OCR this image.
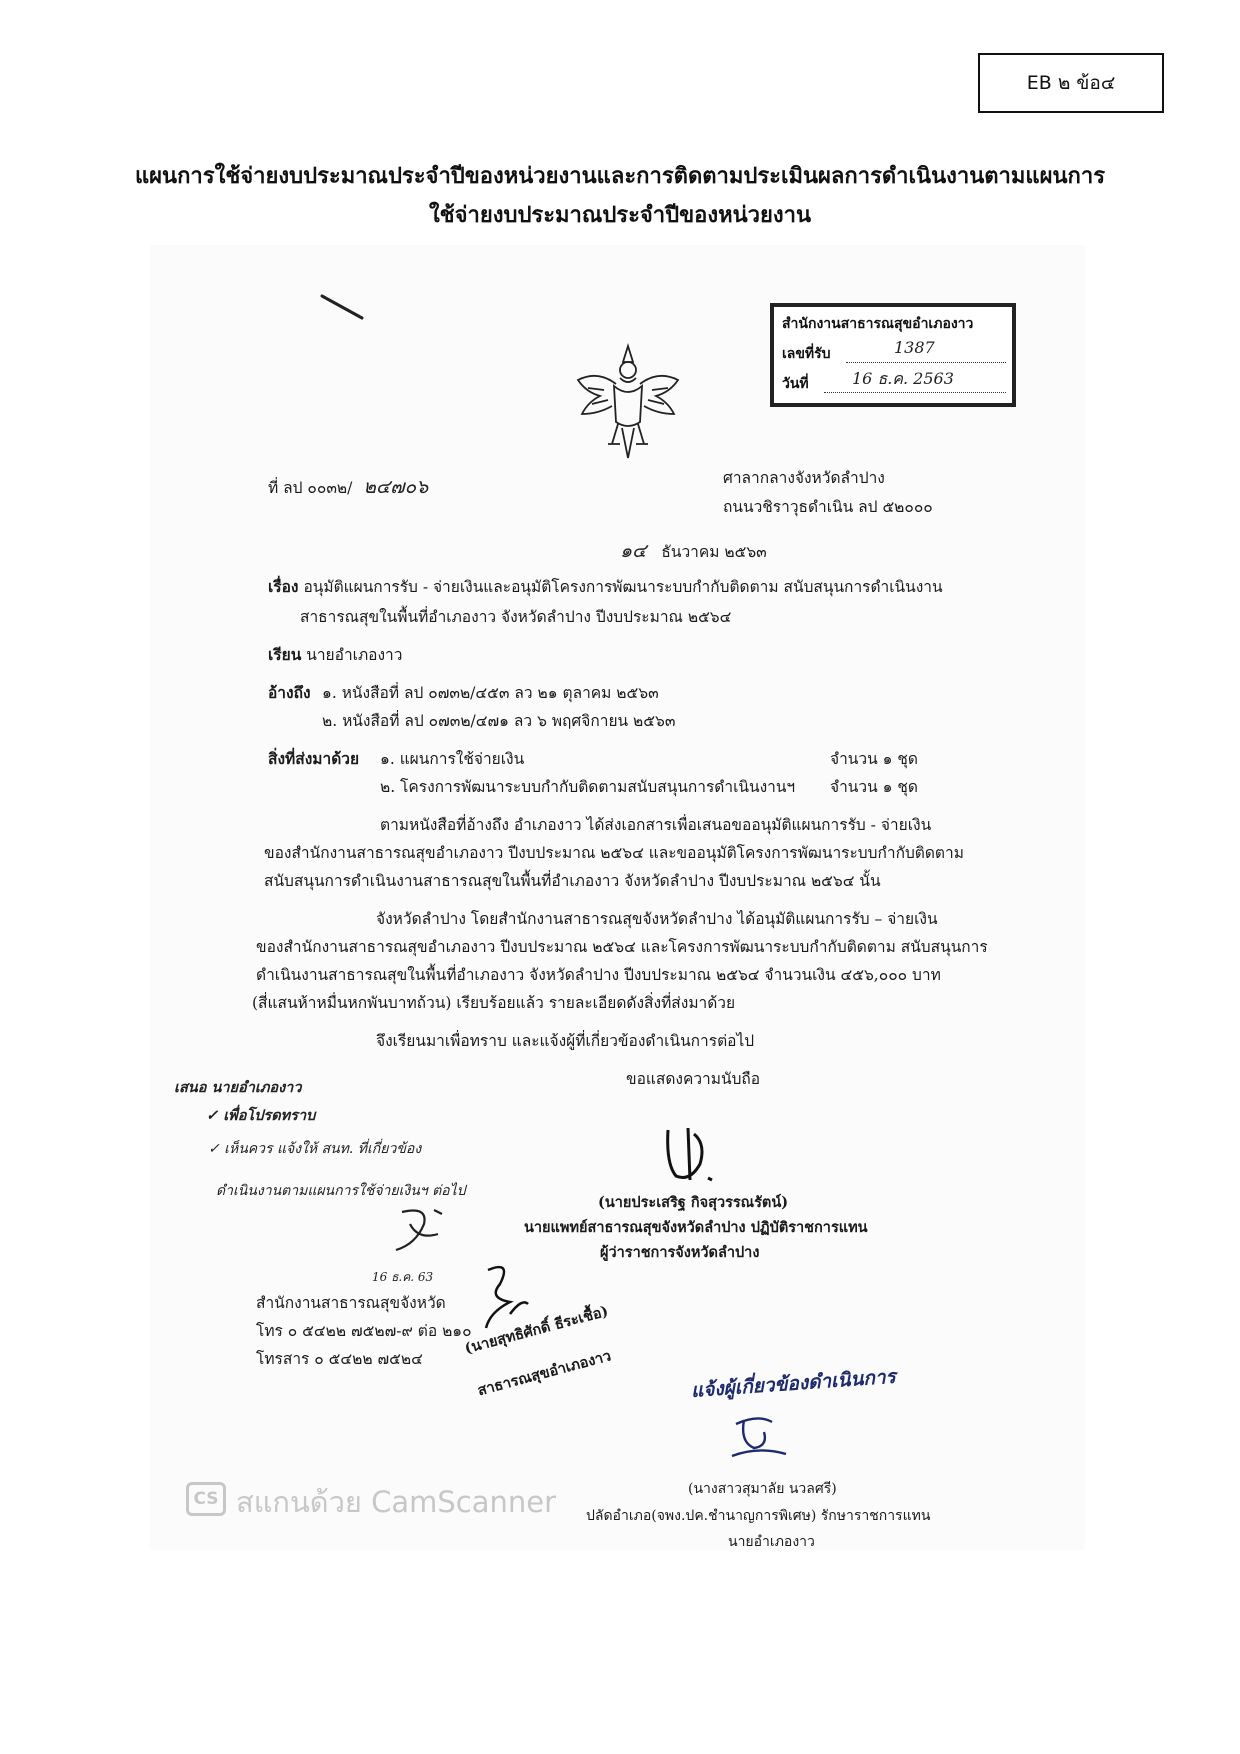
EB ๒ ข้อ๔
แผนการใช้จ่ายงบประมาณประจำปีของหน่วยงานและการติดตามประเมินผลการดำเนินงานตามแผนการ
ใช้จ่ายงบประมาณประจำปีของหน่วยงาน
สำนักงานสาธารณสุขอำเภองาว
เลขที่รับ	1387
วันที่	16 ธ.ค. 2563
ที่ ลป ๐๐๓๒/ ๒๔๗๐๖	ศาลากลางจังหวัดลำปาง
ถนนวชิราวุธดำเนิน ลป ๕๒๐๐๐
๑๔ ธันวาคม ๒๕๖๓
เรื่อง อนุมัติแผนการรับ - จ่ายเงินและอนุมัติโครงการพัฒนาระบบกำกับติดตาม สนับสนุนการดำเนินงาน
สาธารณสุขในพื้นที่อำเภองาว จังหวัดลำปาง ปีงบประมาณ ๒๕๖๔
เรียน นายอำเภองาว
อ้างถึง ๑. หนังสือที่ ลป ๐๗๓๒/๔๕๓ ลว ๒๑ ตุลาคม ๒๕๖๓
๒. หนังสือที่ ลป ๐๗๓๒/๔๗๑ ลว ๖ พฤศจิกายน ๒๕๖๓
สิ่งที่ส่งมาด้วย ๑. แผนการใช้จ่ายเงิน	จำนวน ๑ ชุด
๒. โครงการพัฒนาระบบกำกับติดตามสนับสนุนการดำเนินงานฯ จำนวน ๑ ชุด
ตามหนังสือที่อ้างถึง อำเภองาว ได้ส่งเอกสารเพื่อเสนอขออนุมัติแผนการรับ - จ่ายเงิน
ของสำนักงานสาธารณสุขอำเภองาว ปีงบประมาณ ๒๕๖๔ และขออนุมัติโครงการพัฒนาระบบกำกับติดตาม
สนับสนุนการดำเนินงานสาธารณสุขในพื้นที่อำเภองาว จังหวัดลำปาง ปีงบประมาณ ๒๕๖๔ นั้น
จังหวัดลำปาง โดยสำนักงานสาธารณสุขจังหวัดลำปาง ได้อนุมัติแผนการรับ – จ่ายเงิน
ของสำนักงานสาธารณสุขอำเภองาว ปีงบประมาณ ๒๕๖๔ และโครงการพัฒนาระบบกำกับติดตาม สนับสนุนการ
ดำเนินงานสาธารณสุขในพื้นที่อำเภองาว จังหวัดลำปาง ปีงบประมาณ ๒๕๖๔ จำนวนเงิน ๔๕๖,๐๐๐ บาท
(สี่แสนห้าหมื่นหกพันบาทถ้วน) เรียบร้อยแล้ว รายละเอียดดังสิ่งที่ส่งมาด้วย
จึงเรียนมาเพื่อทราบ และแจ้งผู้ที่เกี่ยวข้องดำเนินการต่อไป
ขอแสดงความนับถือ
(นายประเสริฐ กิจสุวรรณรัตน์)
นายแพทย์สาธารณสุขจังหวัดลำปาง ปฏิบัติราชการแทน
ผู้ว่าราชการจังหวัดลำปาง
เสนอ นายอำเภองาว
✓ เพื่อโปรดทราบ
✓ เห็นควร แจ้งให้ สนท. ที่เกี่ยวข้อง
ดำเนินงานตามแผนการใช้จ่ายเงินฯ ต่อไป
16 ธ.ค. 63
สำนักงานสาธารณสุขจังหวัด
โทร ๐ ๕๔๒๒ ๗๕๒๗-๙ ต่อ ๒๑๐
โทรสาร ๐ ๕๔๒๒ ๗๕๒๔
(นายสุทธิศักดิ์ ธีระเชื้อ)
สาธารณสุขอำเภองาว	แจ้งผู้เกี่ยวข้องดำเนินการ
(นางสาวสุมาลัย นวลศรี)
ปลัดอำเภอ(จพง.ปค.ชำนาญการพิเศษ) รักษาราชการแทน
นายอำเภองาว
CS สแกนด้วย CamScanner
